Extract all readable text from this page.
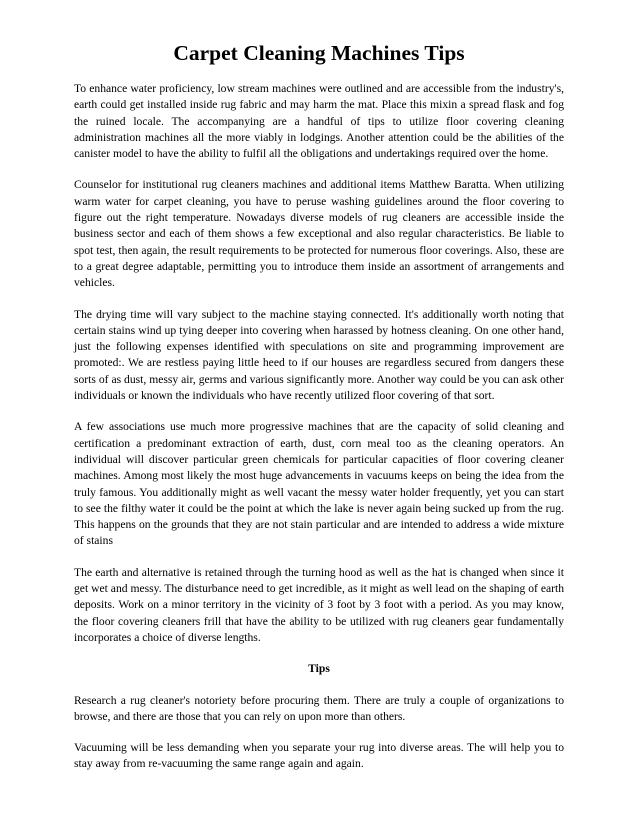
Carpet Cleaning Machines Tips

To enhance water proficiency, low stream machines were outlined and are accessible from the industry's, earth could get installed inside rug fabric and may harm the mat. Place this mixin a spread flask and fog the ruined locale. The accompanying are a handful of tips to utilize floor covering cleaning administration machines all the more viably in lodgings. Another attention could be the abilities of the canister model to have the ability to fulfil all the obligations and undertakings required over the home.

Counselor for institutional rug cleaners machines and additional items Matthew Baratta. When utilizing warm water for carpet cleaning, you have to peruse washing guidelines around the floor covering to figure out the right temperature. Nowadays diverse models of rug cleaners are accessible inside the business sector and each of them shows a few exceptional and also regular characteristics. Be liable to spot test, then again, the result requirements to be protected for numerous floor coverings. Also, these are to a great degree adaptable, permitting you to introduce them inside an assortment of arrangements and vehicles.

The drying time will vary subject to the machine staying connected. It's additionally worth noting that certain stains wind up tying deeper into covering when harassed by hotness cleaning. On one other hand, just the following expenses identified with speculations on site and programming improvement are promoted:. We are restless paying little heed to if our houses are regardless secured from dangers these sorts of as dust, messy air, germs and various significantly more. Another way could be you can ask other individuals or known the individuals who have recently utilized floor covering of that sort.

A few associations use much more progressive machines that are the capacity of solid cleaning and certification a predominant extraction of earth, dust, corn meal too as the cleaning operators. An individual will discover particular green chemicals for particular capacities of floor covering cleaner machines. Among most likely the most huge advancements in vacuums keeps on being the idea from the truly famous. You additionally might as well vacant the messy water holder frequently, yet you can start to see the filthy water it could be the point at which the lake is never again being sucked up from the rug. This happens on the grounds that they are not stain particular and are intended to address a wide mixture of stains

The earth and alternative is retained through the turning hood as well as the hat is changed when since it get wet and messy. The disturbance need to get incredible, as it might as well lead on the shaping of earth deposits. Work on a minor territory in the vicinity of 3 foot by 3 foot with a period. As you may know, the floor covering cleaners frill that have the ability to be utilized with rug cleaners gear fundamentally incorporates a choice of diverse lengths.

Tips

Research a rug cleaner's notoriety before procuring them. There are truly a couple of organizations to browse, and there are those that you can rely on upon more than others.

Vacuuming will be less demanding when you separate your rug into diverse areas. The will help you to stay away from re-vacuuming the same range again and again.
